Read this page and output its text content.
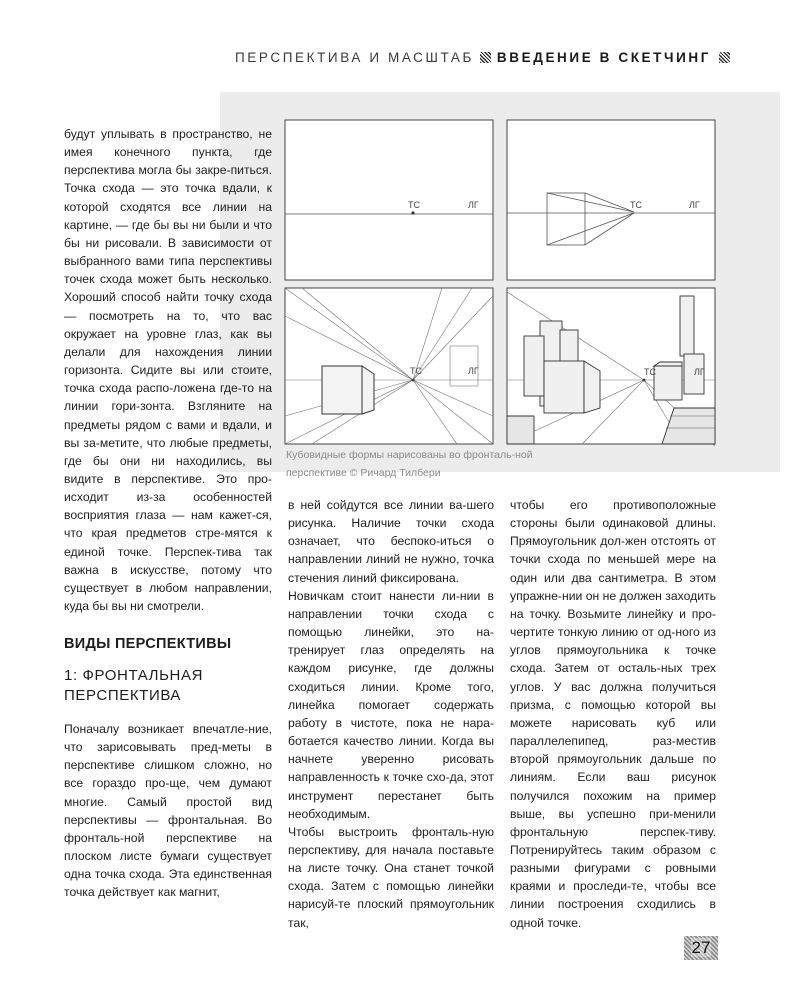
ПЕРСПЕКТИВА И МАСШТАБ ВВЕДЕНИЕ В СКЕТЧИНГ
ТС	ЛГ	ТС	ЛГ
ТС	ЛГ	ТС	ЛГ
Кубовидные формы нарисованы во фронталь-ной перспективе © Ричард Тилбери

будут уплывать в пространство, не имея конечного пункта, где перспектива могла бы закре-питься. Точка схода — это точка вдали, к которой сходятся все линии на картине, — где бы вы ни были и что бы ни рисовали. В зависимости от выбранного вами типа перспективы точек схода может быть несколько. Хороший способ найти точку схода — посмотреть на то, что вас окружает на уровне глаз, как вы делали для нахождения линии горизонта. Сидите вы или стоите, точка схода распо-ложена где-то на линии гори-зонта. Взгляните на предметы рядом с вами и вдали, и вы за-метите, что любые предметы, где бы они ни находились, вы видите в перспективе. Это про-исходит из-за особенностей восприятия глаза — нам кажет-ся, что края предметов стре-мятся к единой точке. Перспек-тива так важна в искусстве, потому что существует в любом направлении, куда бы вы ни смотрели.

ВИДЫ ПЕРСПЕКТИВЫ
1: ФРОНТАЛЬНАЯ ПЕРСПЕКТИВА

Поначалу возникает впечатле-ние, что зарисовывать пред-меты в перспективе слишком сложно, но все гораздо про-ще, чем думают многие. Самый простой вид перспективы — фронтальная. Во фронталь-ной перспективе на плоском листе бумаги существует одна точка схода. Эта единственная точка действует как магнит,

в ней сойдутся все линии ва-шего рисунка. Наличие точки схода означает, что беспоко-иться о направлении линий не нужно, точка стечения линий фиксирована.

Новичкам стоит нанести ли-нии в направлении точки схода с помощью линейки, это на-тренирует глаз определять на каждом рисунке, где должны сходиться линии. Кроме того, линейка помогает содержать работу в чистоте, пока не нара-ботается качество линии. Когда вы начнете уверенно рисовать направленность к точке схо-да, этот инструмент перестанет быть необходимым.

Чтобы выстроить фронталь-ную перспективу, для начала поставьте на листе точку. Она станет точкой схода. Затем с помощью линейки нарисуй-те плоский прямоугольник так,

чтобы его противоположные стороны были одинаковой длины. Прямоугольник дол-жен отстоять от точки схода по меньшей мере на один или два сантиметра. В этом упражне-нии он не должен заходить на точку. Возьмите линейку и про-чертите тонкую линию от од-ного из углов прямоугольника к точке схода. Затем от осталь-ных трех углов. У вас должна получиться призма, с помощью которой вы можете нарисовать куб или параллелепипед, раз-местив второй прямоугольник дальше по линиям. Если ваш рисунок получился похожим на пример выше, вы успешно при-менили фронтальную перспек-тиву. Потренируйтесь таким образом с разными фигурами с ровными краями и проследи-те, чтобы все линии построения сходились в одной точке.

27
